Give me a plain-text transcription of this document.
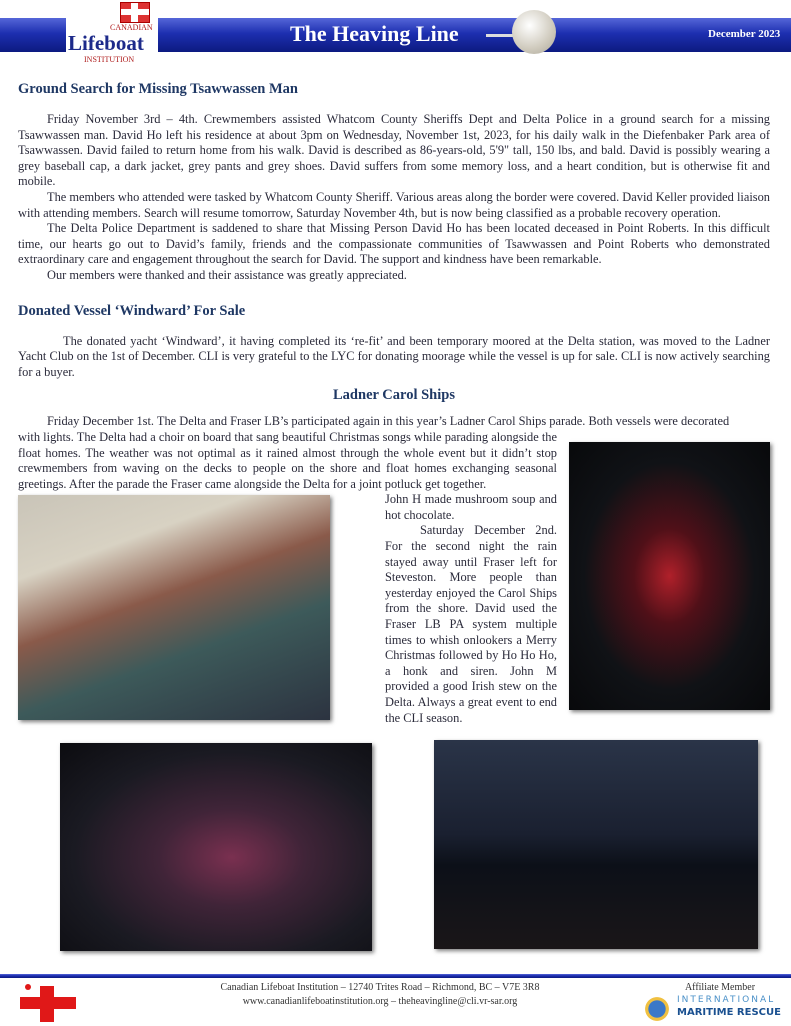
CANADIAN
Lifeboat
INSTITUTION
The Heaving Line	December 2023
Ground Search for Missing Tsawwassen Man

Friday November 3rd – 4th. Crewmembers assisted Whatcom County Sheriffs Dept and Delta Police in a ground search for a missing Tsawwassen man. David Ho left his residence at about 3pm on Wednesday, November 1st, 2023, for his daily walk in the Diefenbaker Park area of Tsawwassen. David failed to return home from his walk. David is described as 86-years-old, 5'9" tall, 150 lbs, and bald. David is possibly wearing a grey baseball cap, a dark jacket, grey pants and grey shoes. David suffers from some memory loss, and a heart condition, but is otherwise fit and mobile.

The members who attended were tasked by Whatcom County Sheriff. Various areas along the border were covered. David Keller provided liaison with attending members. Search will resume tomorrow, Saturday November 4th, but is now being classified as a probable recovery operation.

The Delta Police Department is saddened to share that Missing Person David Ho has been located deceased in Point Roberts. In this difficult time, our hearts go out to David’s family, friends and the compassionate communities of Tsawwassen and Point Roberts who demonstrated extraordinary care and engagement throughout the search for David. The support and kindness have been remarkable.

Our members were thanked and their assistance was greatly appreciated.

Donated Vessel ‘Windward’ For Sale

The donated yacht ‘Windward’, it having completed its ‘re-fit’ and been temporary moored at the Delta station, was moved to the Ladner Yacht Club on the 1st of December. CLI is very grateful to the LYC for donating moorage while the vessel is up for sale. CLI is now actively searching for a buyer.

Ladner Carol Ships

Friday December 1st. The Delta and Fraser LB’s participated again in this year’s Ladner Carol Ships parade. Both vessels were decorated

with lights. The Delta had a choir on board that sang beautiful Christmas songs while parading alongside the float homes. The weather was not optimal as it rained almost through the whole event but it didn’t stop crewmembers from waving on the decks to people on the shore and float homes exchanging seasonal greetings. After the parade the Fraser came alongside the Delta for a joint potluck get together.

John H made mushroom soup and hot chocolate.

Saturday December 2nd. For the second night the rain stayed away until Fraser left for Steveston. More people than yesterday enjoyed the Carol Ships from the shore. David used the Fraser LB PA system multiple times to whish onlookers a Merry Christmas followed by Ho Ho Ho, a honk and siren. John M provided a good Irish stew on the Delta. Always a great event to end the CLI season.

Canadian Lifeboat Institution – 12740 Trites Road – Richmond, BC – V7E 3R8
www.canadianlifeboatinstitution.org – theheavingline@cli.vr-sar.org
Affiliate Member
INTERNATIONAL
MARITIME RESCUE
